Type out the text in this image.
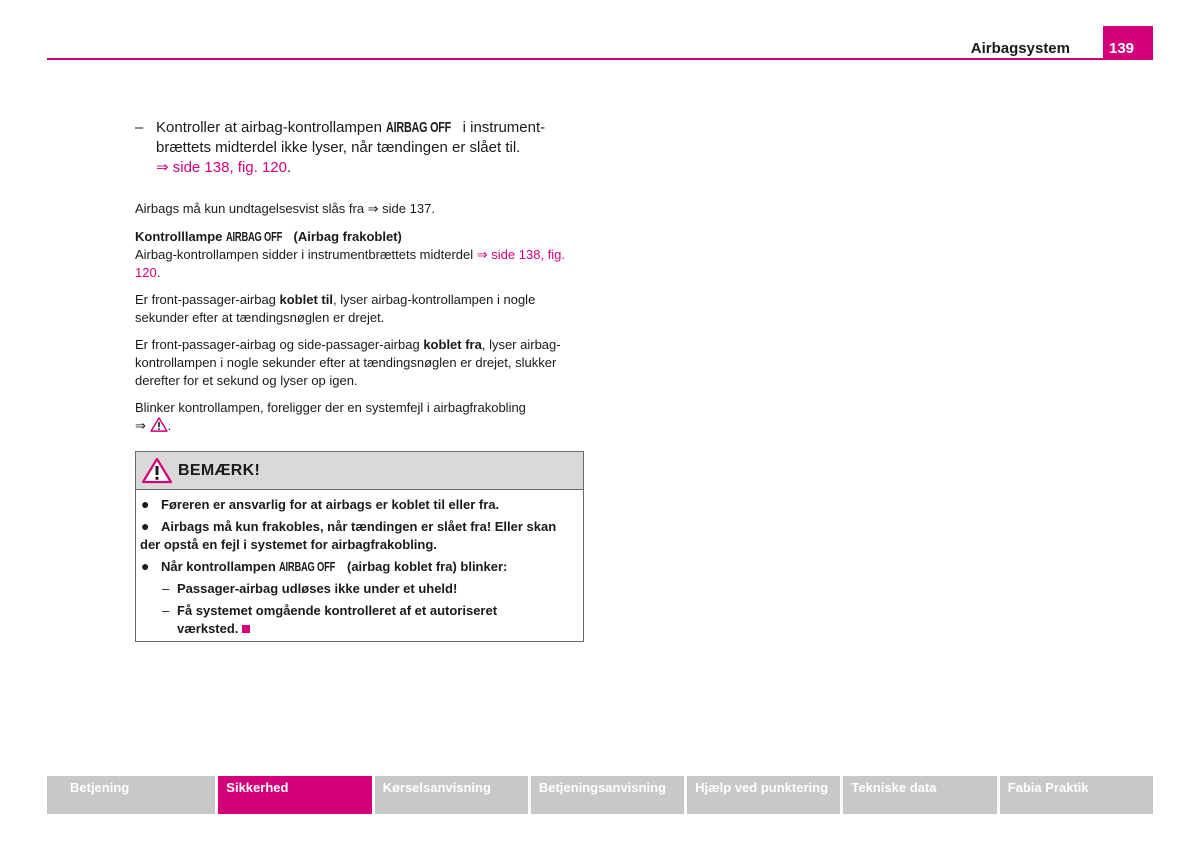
Airbagsystem	139
– Kontroller at airbag-kontrollampen AIRBAG OFF i instrument-brættets midterdel ikke lyser, når tændingen er slået til.
⇒ side 138, fig. 120.

Airbags må kun undtagelsesvist slås fra ⇒ side 137.

Kontrolllampe AIRBAG OFF (Airbag frakoblet)

Airbag-kontrollampen sidder i instrumentbrættets midterdel ⇒ side 138, fig. 120.

Er front-passager-airbag koblet til, lyser airbag-kontrollampen i nogle sekunder efter at tændingsnøglen er drejet.

Er front-passager-airbag og side-passager-airbag koblet fra, lyser airbag-kontrollampen i nogle sekunder efter at tændingsnøglen er drejet, slukker derefter for et sekund og lyser op igen.

Blinker kontrollampen, foreligger der en systemfejl i airbagfrakobling
⇒ .

BEMÆRK!
● Føreren er ansvarlig for at airbags er koblet til eller fra.
● Airbags må kun frakobles, når tændingen er slået fra! Eller skan der opstå en fejl i systemet for airbagfrakobling.
● Når kontrollampen AIRBAG OFF (airbag koblet fra) blinker:
– Passager-airbag udløses ikke under et uheld!
– Få systemet omgående kontrolleret af et autoriseret værksted.
Betjening	Sikkerhed	Kørselsanvisning	Betjeningsanvisning	Hjælp ved punktering	Tekniske data	Fabia Praktik
